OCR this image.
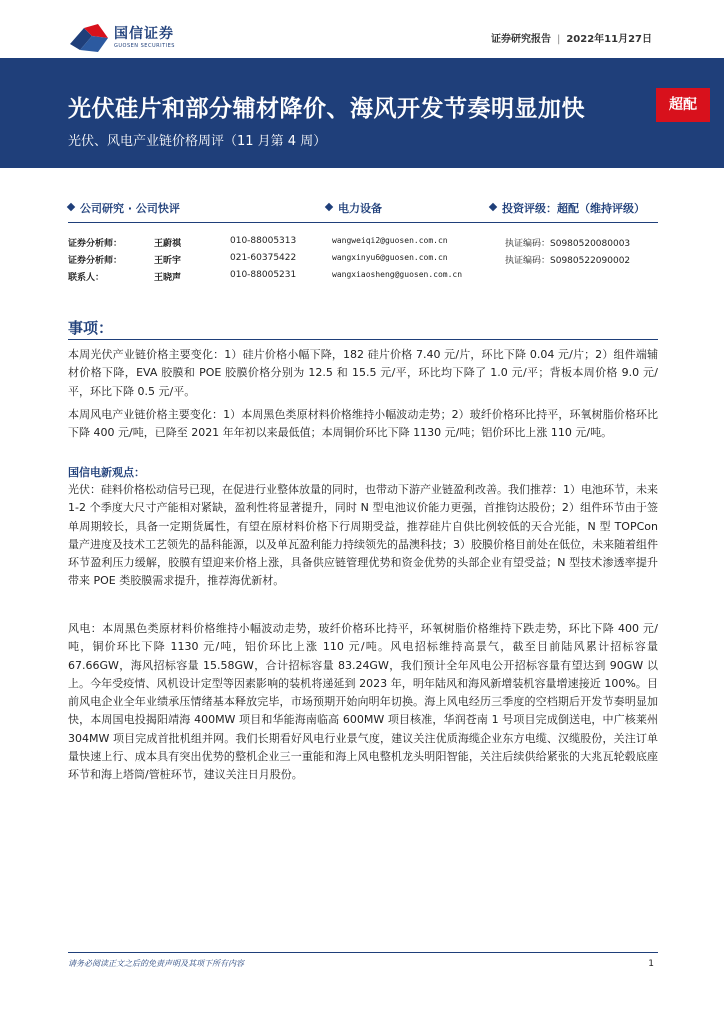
国信证券
GUOSEN SECURITIES
证券研究报告 | 2022年11月27日
光伏硅片和部分辅材降价、海风开发节奏明显加快
光伏、风电产业链价格周评（11 月第 4 周）
超配
公司研究 · 公司快评	电力设备	投资评级：超配（维持评级）
证券分析师：	王蔚祺	010-88005313	wangweiqi2@guosen.com.cn	执证编码：S0980520080003
证券分析师：	王昕宇	021-60375422	wangxinyu6@guosen.com.cn	执证编码：S0980522090002
联系人：	王晓声	010-88005231	wangxiaosheng@guosen.com.cn
事项：
本周光伏产业链价格主要变化：1）硅片价格小幅下降，182 硅片价格 7.40 元/片，环比下降 0.04 元/片；2）组件端辅材价格下降，EVA 胶膜和 POE 胶膜价格分别为 12.5 和 15.5 元/平，环比均下降了 1.0 元/平；背板本周价格 9.0 元/平，环比下降 0.5 元/平。
本周风电产业链价格主要变化：1）本周黑色类原材料价格维持小幅波动走势；2）玻纤价格环比持平，环氧树脂价格环比下降 400 元/吨，已降至 2021 年年初以来最低值；本周铜价环比下降 1130 元/吨；铝价环比上涨 110 元/吨。
国信电新观点：
光伏：硅料价格松动信号已现，在促进行业整体放量的同时，也带动下游产业链盈利改善。我们推荐：1）电池环节，未来 1-2 个季度大尺寸产能相对紧缺，盈利性将显著提升，同时 N 型电池议价能力更强，首推钧达股份；2）组件环节由于签单周期较长，具备一定期货属性，有望在原材料价格下行周期受益，推荐硅片自供比例较低的天合光能，N 型 TOPCon 量产进度及技术工艺领先的晶科能源，以及单瓦盈利能力持续领先的晶澳科技；3）胶膜价格目前处在低位，未来随着组件环节盈利压力缓解，胶膜有望迎来价格上涨，具备供应链管理优势和资金优势的头部企业有望受益；N 型技术渗透率提升带来 POE 类胶膜需求提升，推荐海优新材。
风电：本周黑色类原材料价格维持小幅波动走势，玻纤价格环比持平，环氧树脂价格维持下跌走势，环比下降 400 元/吨，铜价环比下降 1130 元/吨，铝价环比上涨 110 元/吨。风电招标维持高景气，截至目前陆风累计招标容量 67.66GW，海风招标容量 15.58GW，合计招标容量 83.24GW，我们预计全年风电公开招标容量有望达到 90GW 以上。今年受疫情、风机设计定型等因素影响的装机将递延到 2023 年，明年陆风和海风新增装机容量增速接近 100%。目前风电企业全年业绩承压情绪基本释放完毕，市场预期开始向明年切换。海上风电经历三季度的空档期后开发节奏明显加快，本周国电投揭阳靖海 400MW 项目和华能海南临高 600MW 项目核准，华润苍南 1 号项目完成倒送电，中广核莱州 304MW 项目完成首批机组并网。我们长期看好风电行业景气度，建议关注优质海缆企业东方电缆、汉缆股份，关注订单量快速上行、成本具有突出优势的整机企业三一重能和海上风电整机龙头明阳智能，关注后续供给紧张的大兆瓦轮毂底座环节和海上塔筒/管桩环节，建议关注日月股份。
请务必阅读正文之后的免责声明及其项下所有内容	1
